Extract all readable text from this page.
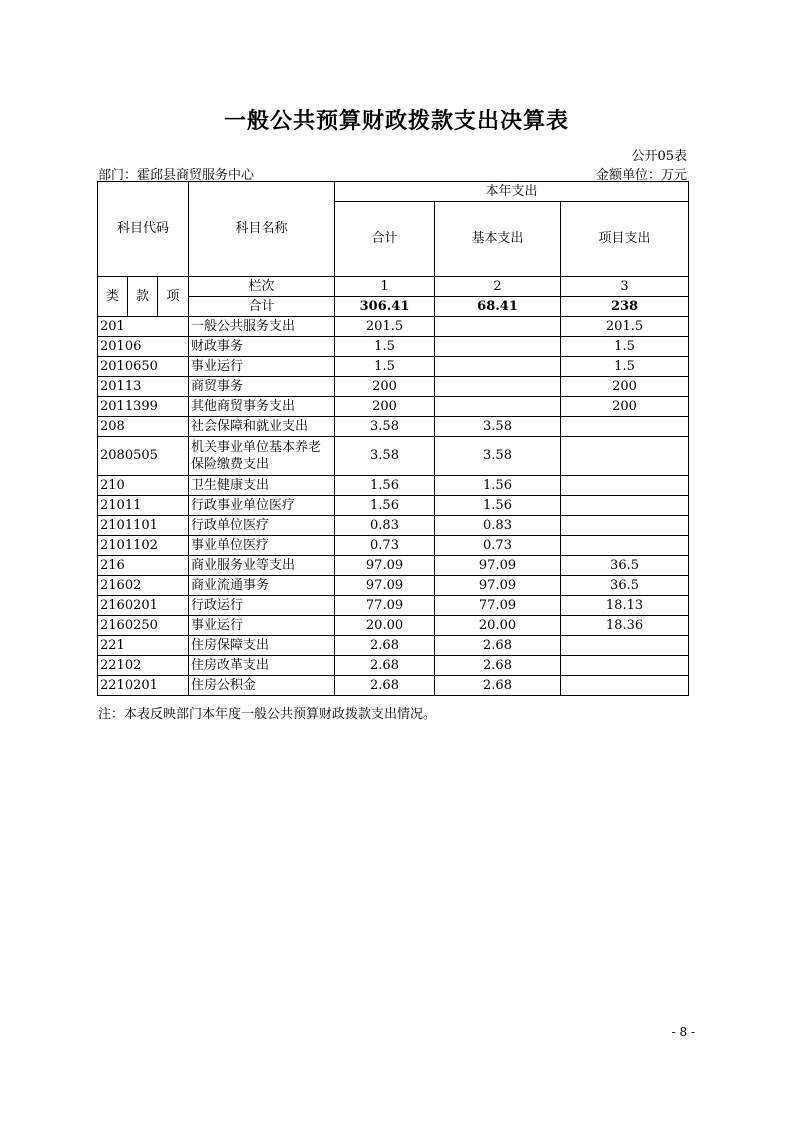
一般公共预算财政拨款支出决算表
公开05表
部门：霍邱县商贸服务中心	金额单位：万元
科目代码			科目名称	本年支出		
				合计	基本支出	项目支出
类	款	项	栏次	1	2	3
			合计	306.41	68.41	238
201			一般公共服务支出	201.5		201.5
20106			财政事务	1.5		1.5
2010650			事业运行	1.5		1.5
20113			商贸事务	200		200
2011399			其他商贸事务支出	200		200
208			社会保障和就业支出	3.58	3.58	
2080505			机关事业单位基本养老保险缴费支出	3.58	3.58	
210			卫生健康支出	1.56	1.56	
21011			行政事业单位医疗	1.56	1.56	
2101101			行政单位医疗	0.83	0.83	
2101102			事业单位医疗	0.73	0.73	
216			商业服务业等支出	97.09	97.09	36.5
21602			商业流通事务	97.09	97.09	36.5
2160201			行政运行	77.09	77.09	18.13
2160250			事业运行	20.00	20.00	18.36
221			住房保障支出	2.68	2.68	
22102			住房改革支出	2.68	2.68	
2210201			住房公积金	2.68	2.68	
注：本表反映部门本年度一般公共预算财政拨款支出情况。
- 8 -
